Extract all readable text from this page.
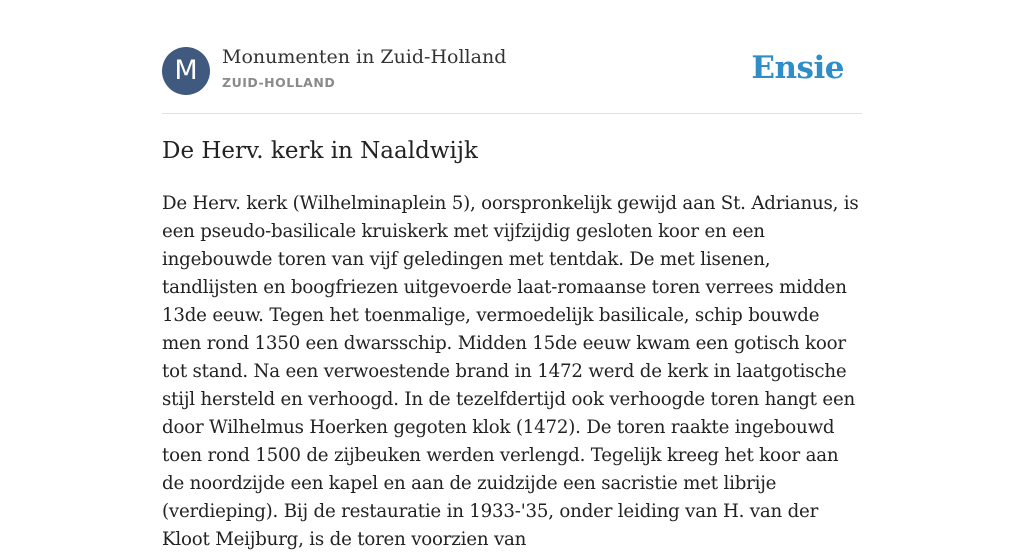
M	Monumenten in Zuid-Holland
ZUID-HOLLAND	Ensie
De Herv. kerk in Naaldwijk

De Herv. kerk (Wilhelminaplein 5), oorspronkelijk gewijd aan St. Adrianus, is een pseudo-basilicale kruiskerk met vijfzijdig gesloten koor en een ingebouwde toren van vijf geledingen met tentdak. De met lisenen, tandlijsten en boogfriezen uitgevoerde laat-romaanse toren verrees midden 13de eeuw. Tegen het toenmalige, vermoedelijk basilicale, schip bouwde men rond 1350 een dwarsschip. Midden 15de eeuw kwam een gotisch koor tot stand. Na een verwoestende brand in 1472 werd de kerk in laatgotische stijl hersteld en verhoogd. In de tezelfdertijd ook verhoogde toren hangt een door Wilhelmus Hoerken gegoten klok (1472). De toren raakte ingebouwd toen rond 1500 de zijbeuken werden verlengd. Tegelijk kreeg het koor aan de noordzijde een kapel en aan de zuidzijde een sacristie met librije (verdieping). Bij de restauratie in 1933-'35, onder leiding van H. van der Kloot Meijburg, is de toren voorzien van
